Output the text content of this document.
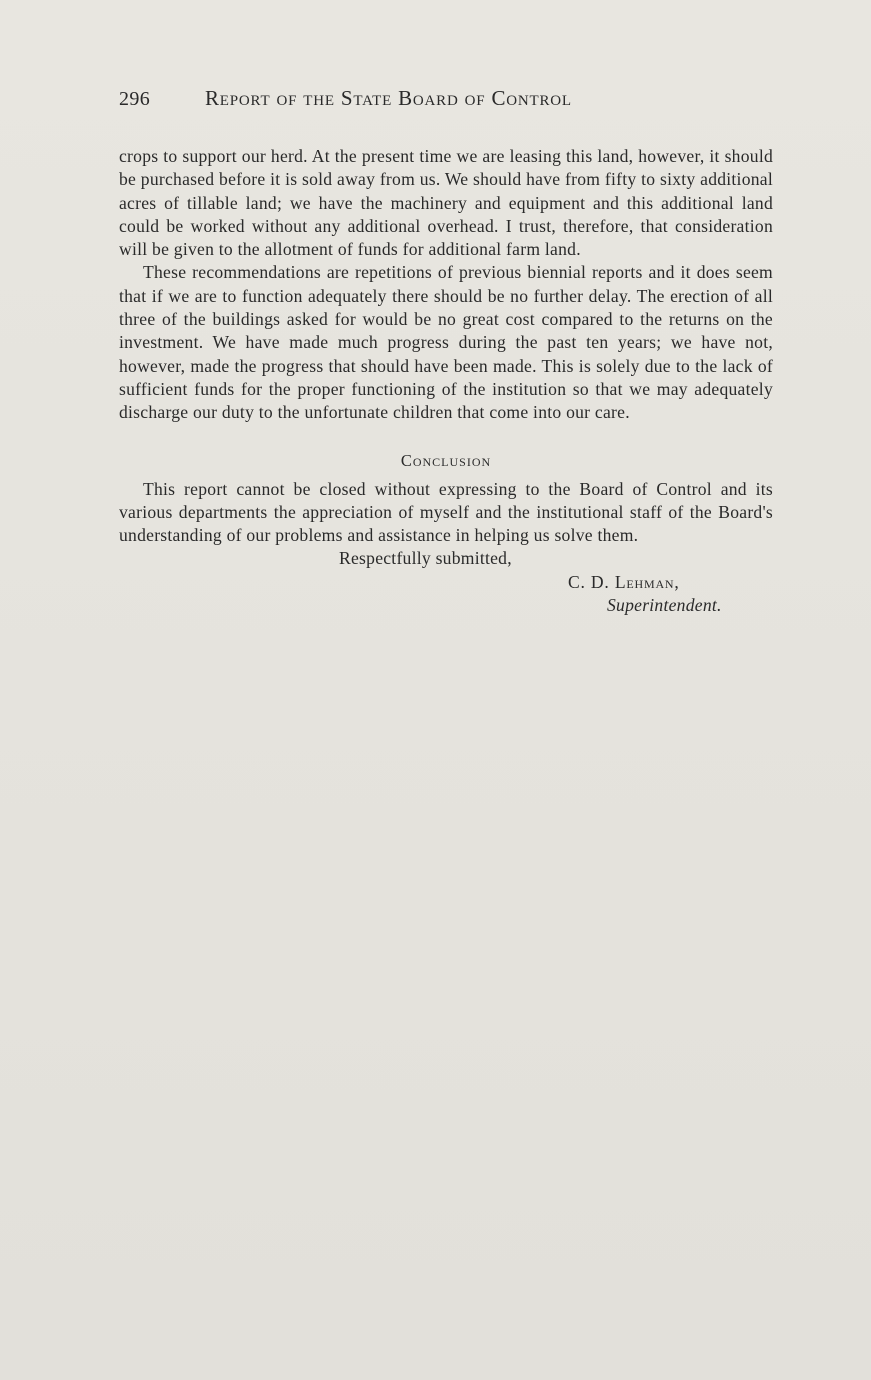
296	Report of the State Board of Control

crops to support our herd. At the present time we are leasing this land, however, it should be purchased before it is sold away from us. We should have from fifty to sixty additional acres of tillable land; we have the machinery and equipment and this additional land could be worked without any additional overhead. I trust, therefore, that consideration will be given to the allotment of funds for additional farm land.

These recommendations are repetitions of previous biennial reports and it does seem that if we are to function adequately there should be no further delay. The erection of all three of the buildings asked for would be no great cost compared to the returns on the investment. We have made much progress during the past ten years; we have not, however, made the progress that should have been made. This is solely due to the lack of sufficient funds for the proper functioning of the institution so that we may adequately discharge our duty to the unfortunate children that come into our care.

Conclusion

This report cannot be closed without expressing to the Board of Control and its various departments the appreciation of myself and the institutional staff of the Board's understanding of our problems and assistance in helping us solve them.

Respectfully submitted,
C. D. Lehman,
Superintendent.
